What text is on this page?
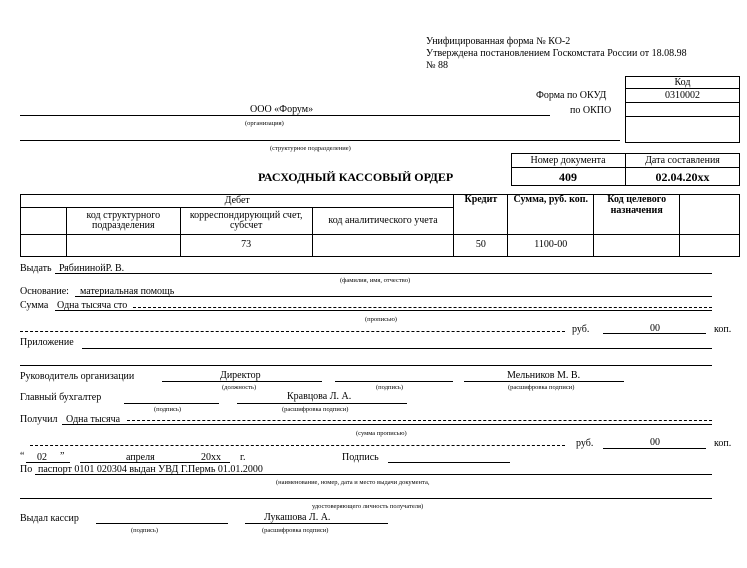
Унифицированная форма № КО-2
Утверждена постановлением Госкомстата России от 18.08.98
№ 88
Код
0310002
Форма по ОКУД
по ОКПО
ООО «Форум»
(организация)
(структурное подразделение)
Номер документа	Дата составления
409	02.04.20xx
РАСХОДНЫЙ КАССОВЫЙ ОРДЕР
Дебет				Кредит	Сумма, руб. коп.	Код целевого назначения	
	код структурного подразделения	корреспондирующий счет, субсчет	код аналитического учета				
		73		50	1100-00		
Выдать РябининойР. В.
(фамилия, имя, отчество)
Основание: материальная помощь
Сумма Одна тысяча сто
(прописью)
руб.	00	коп.
Приложение
Руководитель организации	Директор
(должность)	(подпись)
Мельников М. В.
(расшифровка подписи)
Главный бухгалтер
(подпись)
Кравцова Л. А.
(расшифровка подписи)
Получил Одна тысяча
(сумма прописью)
руб.	00	коп.
“ 02 ”	апреля	20xx г.	Подпись
По паспорт 0101 020304 выдан УВД Г.Пермь 01.01.2000
(наименование, номер, дата и место выдачи документа,
удостоверяющего личность получателя)
Выдал кассир
(подпись)
Лукашова Л. А.
(расшифровка подписи)
